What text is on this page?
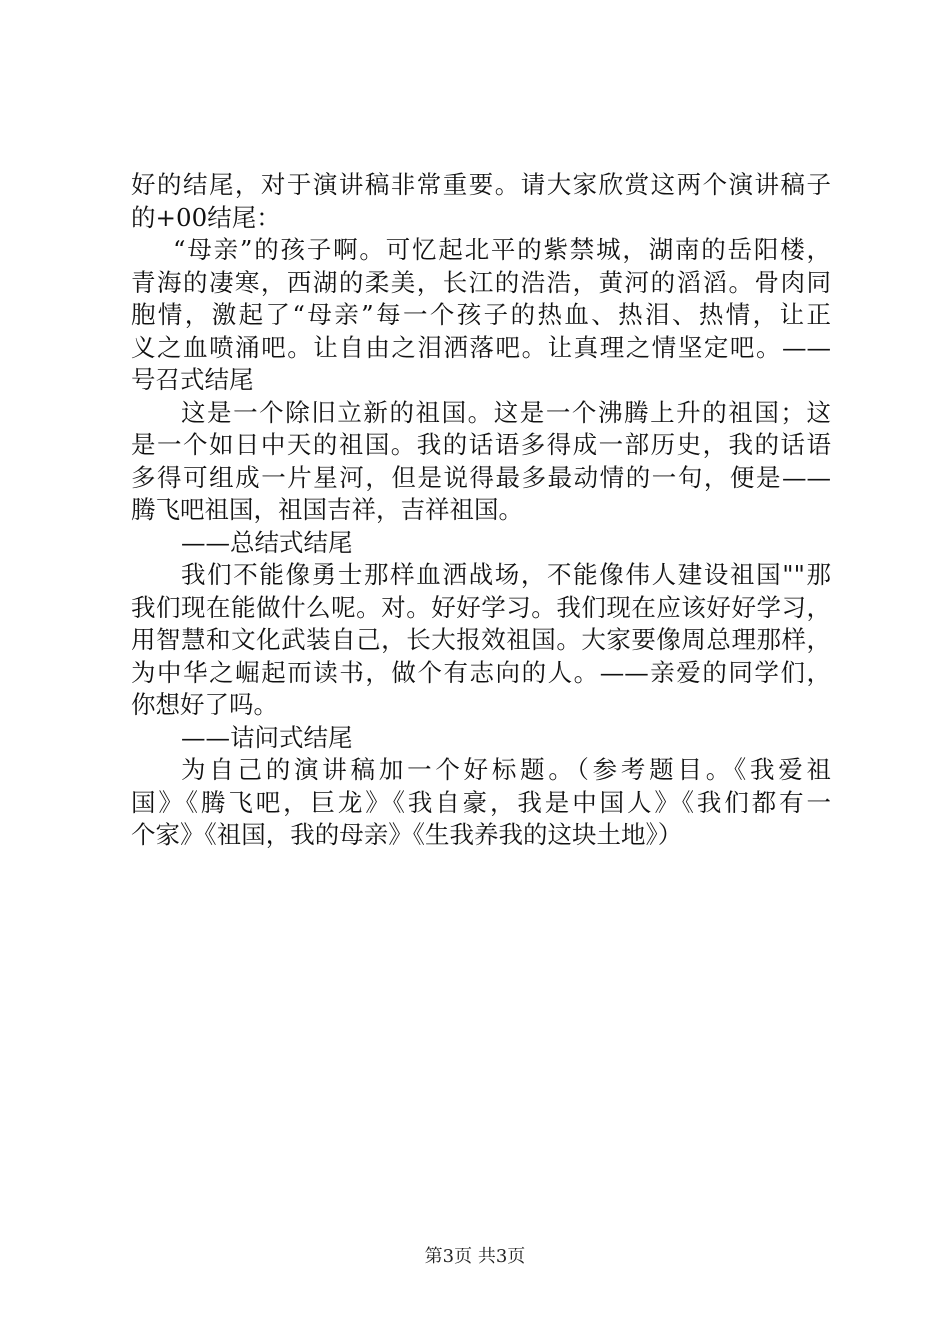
好的结尾，对于演讲稿非常重要。请大家欣赏这两个演讲稿子
的+00结尾：
“母亲”的孩子啊。可忆起北平的紫禁城，湖南的岳阳楼，
青海的凄寒，西湖的柔美，长江的浩浩，黄河的滔滔。骨肉同
胞情，激起了“母亲”每一个孩子的热血、热泪、热情，让正
义之血喷涌吧。让自由之泪洒落吧。让真理之情坚定吧。——
号召式结尾
这是一个除旧立新的祖国。这是一个沸腾上升的祖国；这
是一个如日中天的祖国。我的话语多得成一部历史，我的话语
多得可组成一片星河，但是说得最多最动情的一句，便是——
腾飞吧祖国，祖国吉祥，吉祥祖国。
——总结式结尾
我们不能像勇士那样血洒战场，不能像伟人建设祖国""那
我们现在能做什么呢。对。好好学习。我们现在应该好好学习，
用智慧和文化武装自己，长大报效祖国。大家要像周总理那样，
为中华之崛起而读书，做个有志向的人。——亲爱的同学们，
你想好了吗。
——诘问式结尾
为自己的演讲稿加一个好标题。（参考题目。《我爱祖
国》《腾飞吧，巨龙》《我自豪，我是中国人》《我们都有一
个家》《祖国，我的母亲》《生我养我的这块土地》）
第3页 共3页
